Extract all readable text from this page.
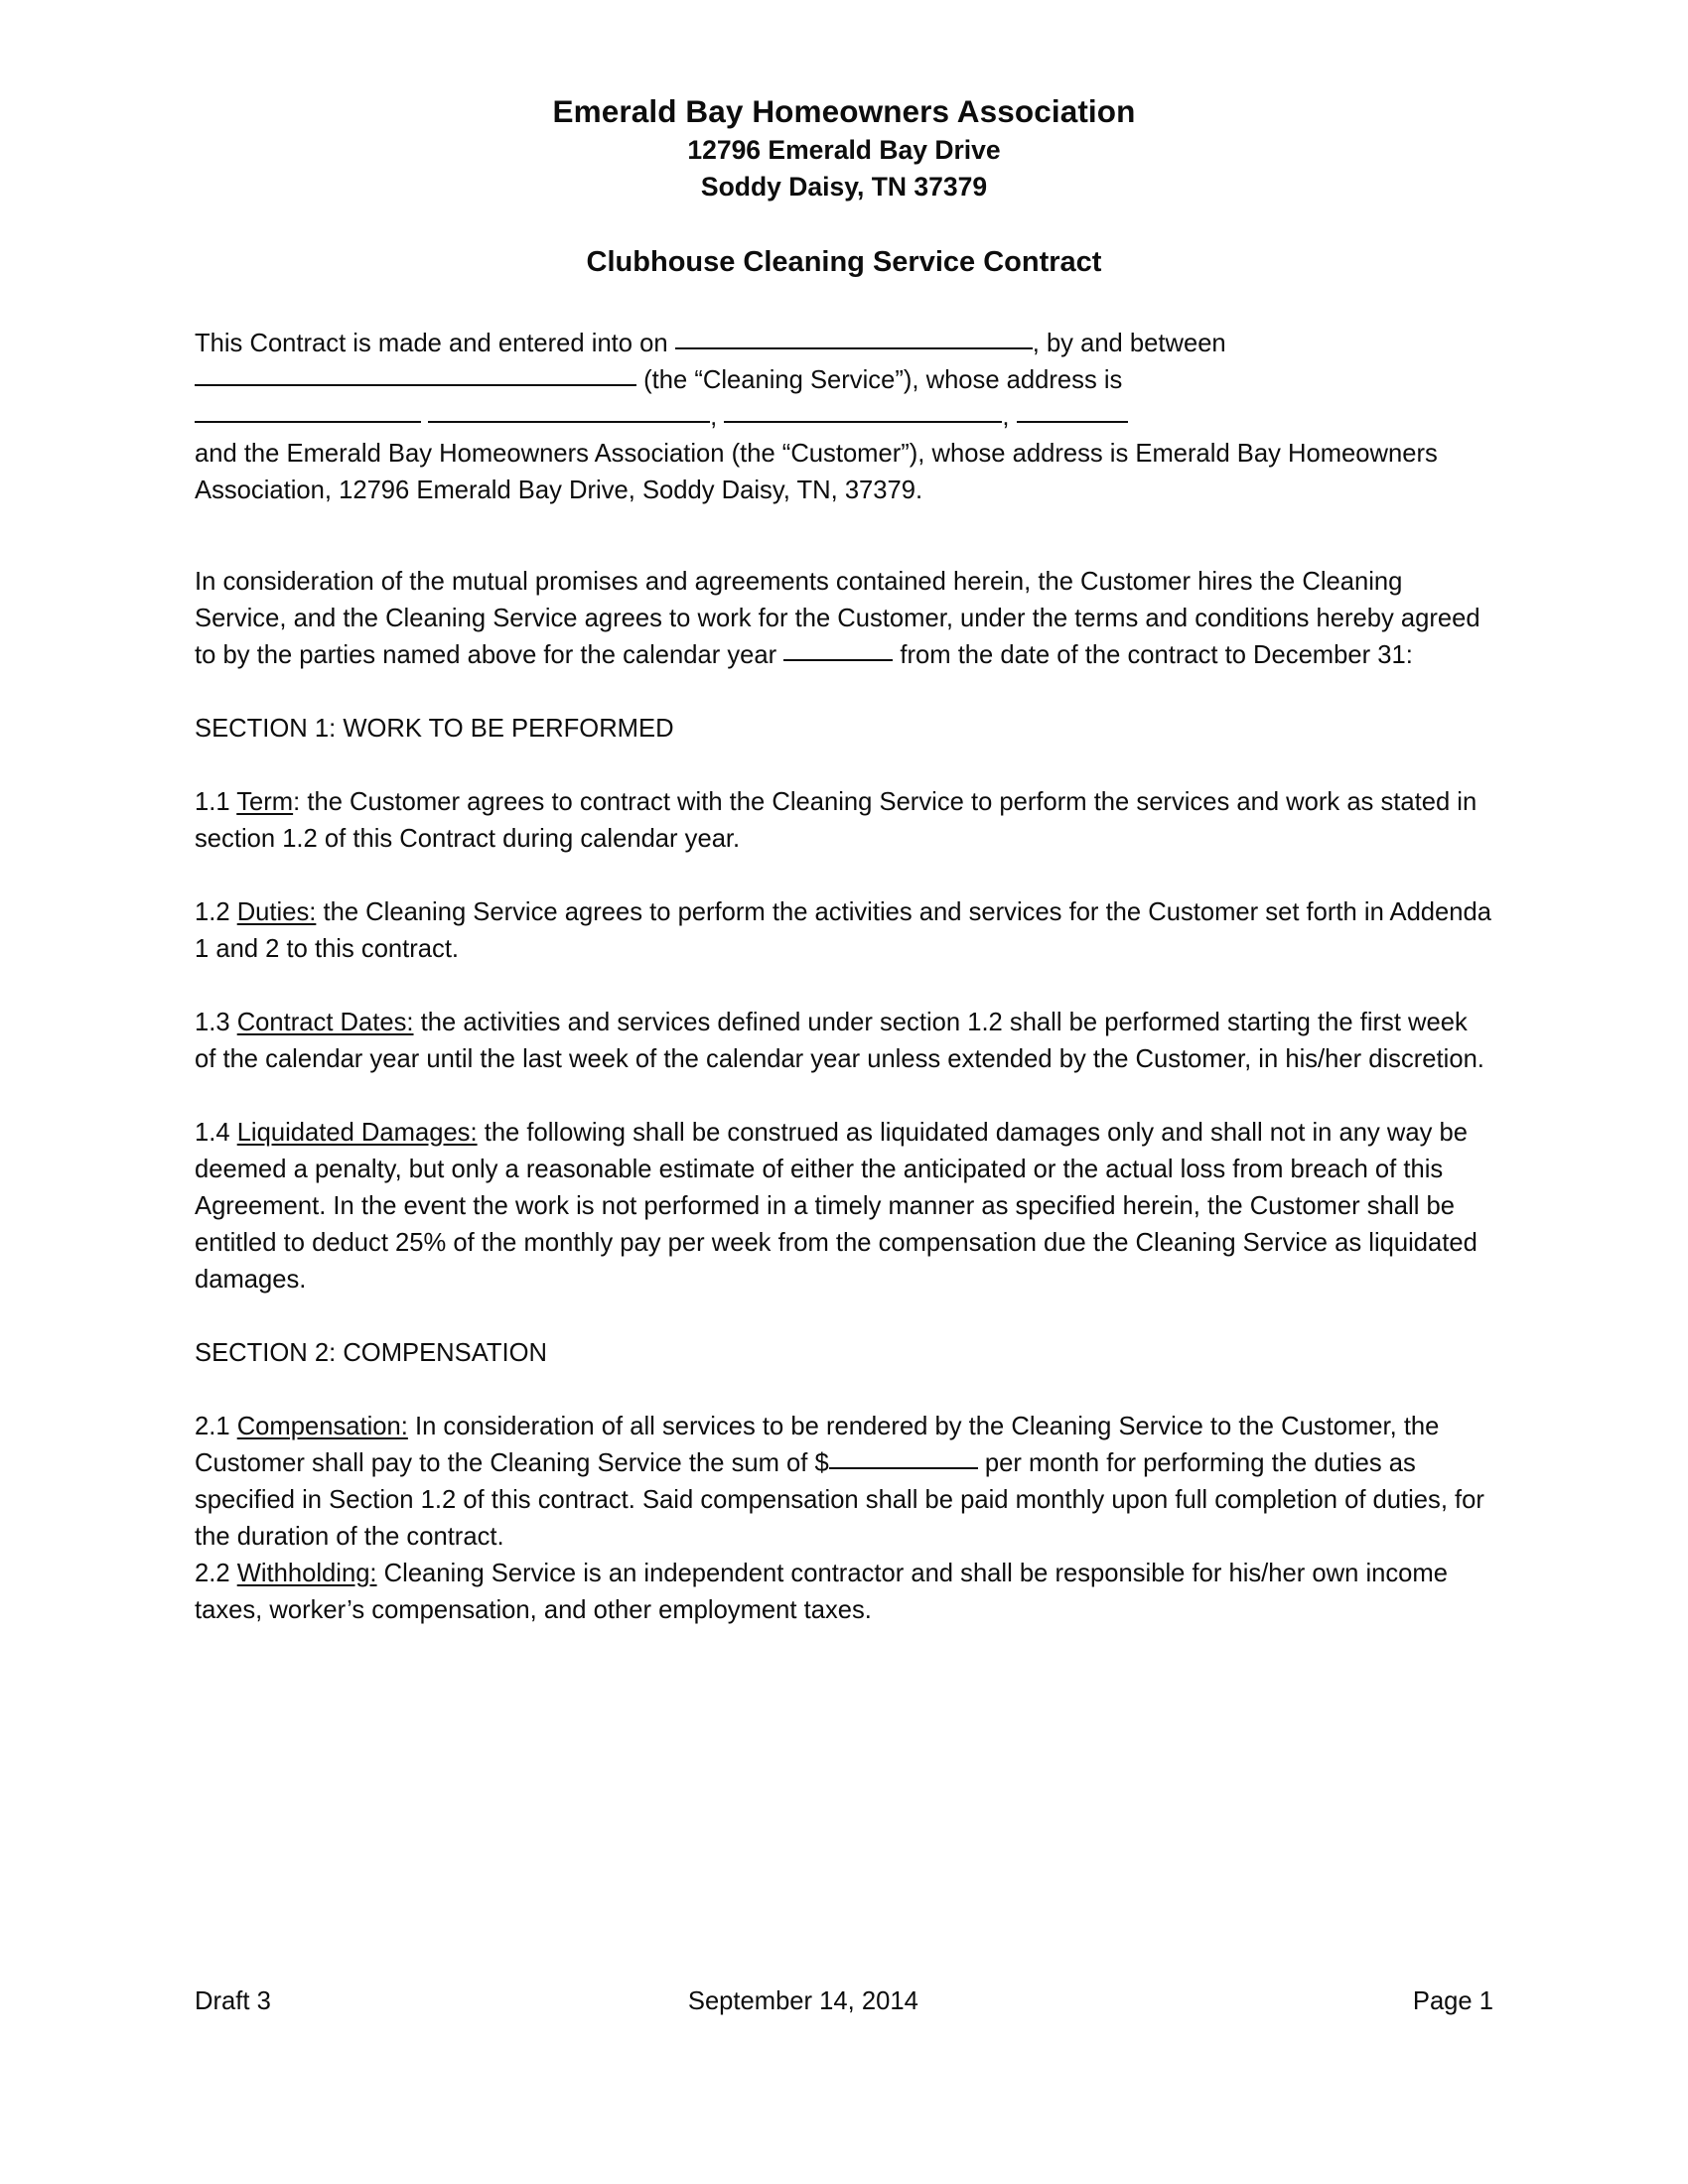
Emerald Bay Homeowners Association
12796 Emerald Bay Drive
Soddy Daisy, TN 37379
Clubhouse Cleaning Service Contract

This Contract is made and entered into on	, by and between
(the “Cleaning Service”), whose address is
,	,

and the Emerald Bay Homeowners Association (the “Customer”), whose address is Emerald Bay Homeowners Association, 12796 Emerald Bay Drive, Soddy Daisy, TN, 37379.

In consideration of the mutual promises and agreements contained herein, the Customer hires the Cleaning Service, and the Cleaning Service agrees to work for the Customer, under the terms and conditions hereby agreed to by the parties named above for the calendar year	from the date of the contract to December 31:

SECTION 1: WORK TO BE PERFORMED

1.1 Term: the Customer agrees to contract with the Cleaning Service to perform the services and work as stated in section 1.2 of this Contract during calendar year.

1.2 Duties: the Cleaning Service agrees to perform the activities and services for the Customer set forth in Addenda 1 and 2 to this contract.

1.3 Contract Dates: the activities and services defined under section 1.2 shall be performed starting the first week of the calendar year until the last week of the calendar year unless extended by the Customer, in his/her discretion.

1.4 Liquidated Damages: the following shall be construed as liquidated damages only and shall not in any way be deemed a penalty, but only a reasonable estimate of either the anticipated or the actual loss from breach of this Agreement. In the event the work is not performed in a timely manner as specified herein, the Customer shall be entitled to deduct 25% of the monthly pay per week from the compensation due the Cleaning Service as liquidated damages.

SECTION 2: COMPENSATION

2.1 Compensation: In consideration of all services to be rendered by the Cleaning Service to the Customer, the Customer shall pay to the Cleaning Service the sum of $	per month for performing the duties as specified in Section 1.2 of this contract. Said compensation shall be paid monthly upon full completion of duties, for the duration of the contract.

2.2 Withholding: Cleaning Service is an independent contractor and shall be responsible for his/her own income taxes, worker’s compensation, and other employment taxes.

Draft 3	September 14, 2014	Page 1
